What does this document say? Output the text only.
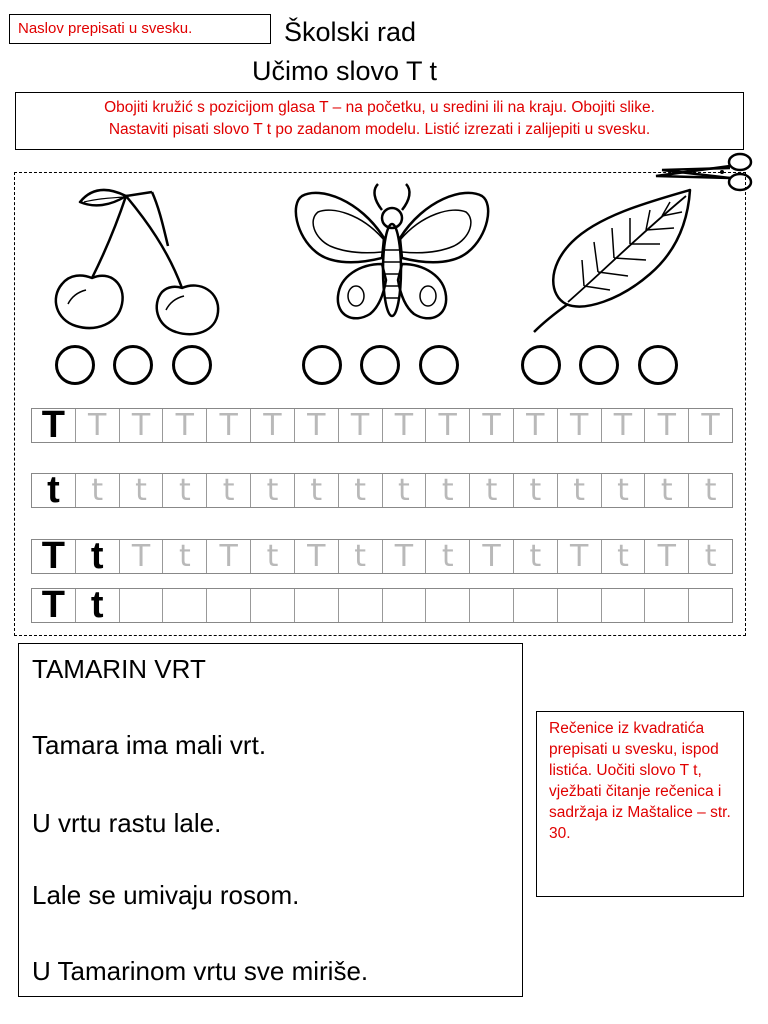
Naslov prepisati u svesku.	Školski rad
Učimo slovo T t
Obojiti kružić s pozicijom glasa T – na početku, u sredini ili na kraju. Obojiti slike.
Nastaviti pisati slovo T t po zadanom modelu. Listić izrezati i zalijepiti u svesku.
T T T T T T T T T T T T T T T T
t	t	t	t	t	t	t	t	t	t	t	t	t	t	t	t
T t T t T t T t T t T t T t T t
T t
TAMARIN VRT
Tamara ima mali vrt.
U vrtu rastu lale.
Lale se umivaju rosom.
U Tamarinom vrtu sve miriše.
Rečenice iz kvadratića prepisati u svesku, ispod listića. Uočiti slovo T t, vježbati čitanje rečenica i sadržaja iz Maštalice – str. 30.
